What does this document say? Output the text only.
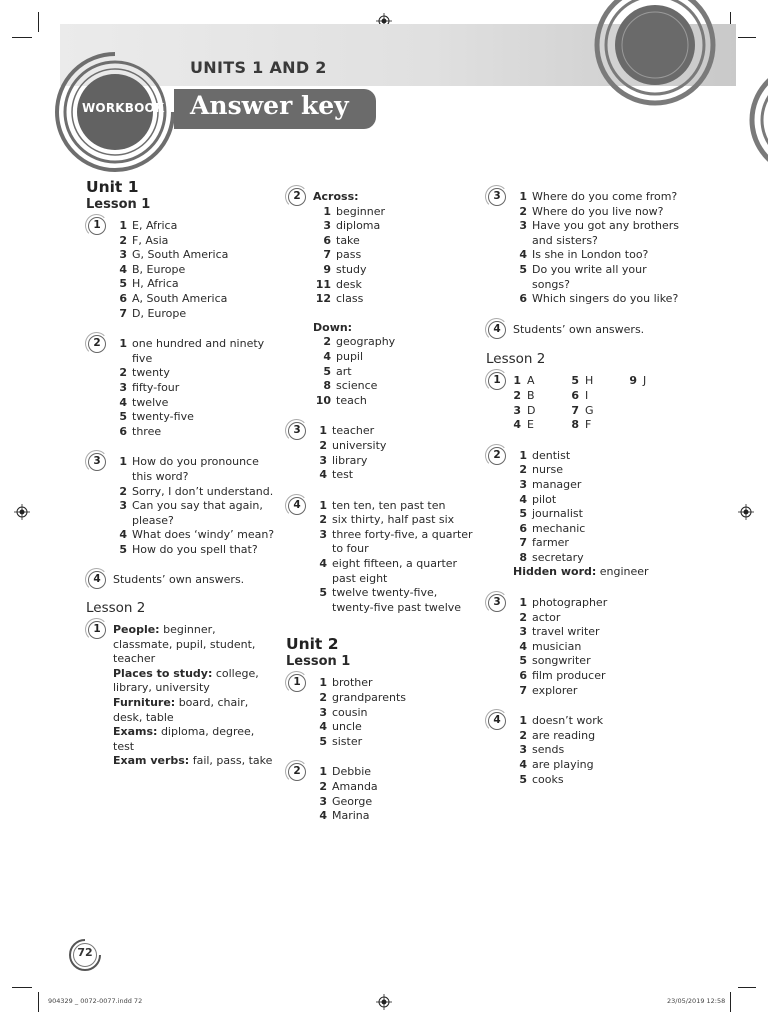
UNITS 1 AND 2
Answer key
WORKBOOK
Unit 1
Lesson 1
1	1 E, Africa
2 F, Asia
3 G, South America
4 B, Europe
5 H, Africa
6 A, South America
7 D, Europe
2	1 one hundred and ninety five
2 twenty
3 fifty-four
4 twelve
5 twenty-five
6 three
3	1 How do you pronounce this word?
2 Sorry, I don’t understand.
3 Can you say that again, please?
4 What does ‘windy’ mean?
5 How do you spell that?
4	Students’ own answers.
Lesson 2
1	People: beginner, classmate, pupil, student, teacher
Places to study: college, library, university
Furniture: board, chair, desk, table
Exams: diploma, degree, test
Exam verbs: fail, pass, take
2	Across:
1 beginner
3 diploma
6 take
7 pass
9 study
11 desk
12 class
Down:
2 geography
4 pupil
5 art
8 science
10 teach
3	1 teacher
2 university
3 library
4 test
4	1 ten ten, ten past ten
2 six thirty, half past six
3 three forty-five, a quarter to four
4 eight fifteen, a quarter past eight
5 twelve twenty-five, twenty-five past twelve
Unit 2
Lesson 1
1	1 brother
2 grandparents
3 cousin
4 uncle
5 sister
2	1 Debbie
2 Amanda
3 George
4 Marina
3	1 Where do you come from?
2 Where do you live now?
3 Have you got any brothers and sisters?
4 Is she in London too?
5 Do you write all your songs?
6 Which singers do you like?
4	Students’ own answers.
Lesson 2
1	1 A	5 H	9 J
2 B	6 I
3 D	7 G
4 E	8 F
2	1 dentist
2 nurse
3 manager
4 pilot
5 journalist
6 mechanic
7 farmer
8 secretary
Hidden word: engineer
3	1 photographer
2 actor
3 travel writer
4 musician
5 songwriter
6 film producer
7 explorer
4	1 doesn’t work
2 are reading
3 sends
4 are playing
5 cooks
72
904329 _ 0072-0077.indd 72	23/05/2019 12:58
